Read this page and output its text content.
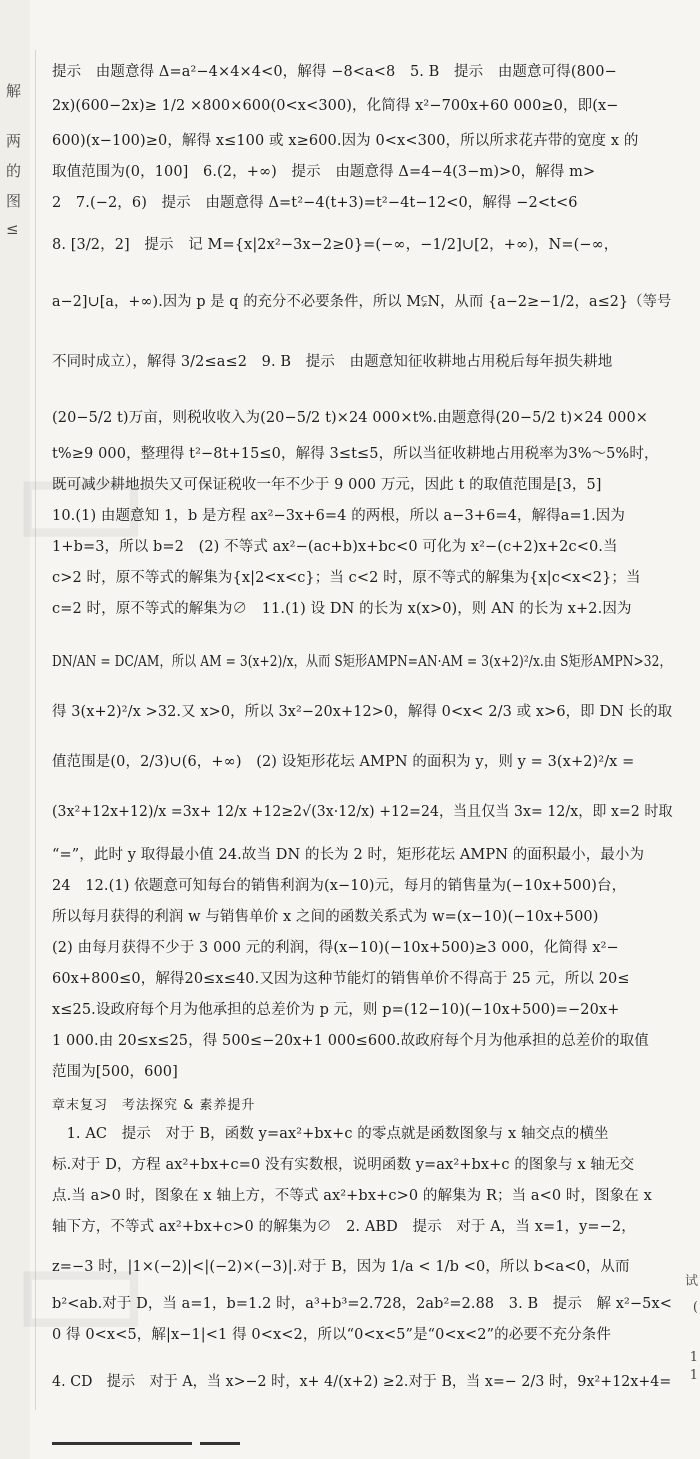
解
两
的
图
≤
试
(
1
1
▭
▭
提示　由题意得 Δ=a²−4×4×4<0，解得 −8<a<8　5. B　提示　由题意可得(800−
2x)(600−2x)≥ 1/2 ×800×600(0<x<300)，化简得 x²−700x+60 000≥0，即(x−
600)(x−100)≥0，解得 x≤100 或 x≥600.因为 0<x<300，所以所求花卉带的宽度 x 的
取值范围为(0，100]　6.(2，+∞)　提示　由题意得 Δ=4−4(3−m)>0，解得 m>
2　7.(−2，6)　提示　由题意得 Δ=t²−4(t+3)=t²−4t−12<0，解得 −2<t<6
8. [3/2，2]　提示　记 M={x|2x²−3x−2≥0}=(−∞，−1/2]∪[2，+∞)，N=(−∞，
a−2]∪[a，+∞).因为 p 是 q 的充分不必要条件，所以 M⫋N，从而 {a−2≥−1/2，a≤2}（等号
不同时成立），解得 3/2≤a≤2　9. B　提示　由题意知征收耕地占用税后每年损失耕地
(20−5/2 t)万亩，则税收收入为(20−5/2 t)×24 000×t%.由题意得(20−5/2 t)×24 000×
t%≥9 000，整理得 t²−8t+15≤0，解得 3≤t≤5，所以当征收耕地占用税率为3%～5%时，
既可减少耕地损失又可保证税收一年不少于 9 000 万元，因此 t 的取值范围是[3，5]
10.(1) 由题意知 1，b 是方程 ax²−3x+6=4 的两根，所以 a−3+6=4，解得a=1.因为
1+b=3，所以 b=2　(2) 不等式 ax²−(ac+b)x+bc<0 可化为 x²−(c+2)x+2c<0.当
c>2 时，原不等式的解集为{x|2<x<c}；当 c<2 时，原不等式的解集为{x|c<x<2}；当
c=2 时，原不等式的解集为∅　11.(1) 设 DN 的长为 x(x>0)，则 AN 的长为 x+2.因为
DN/AN = DC/AM，所以 AM = 3(x+2)/x，从而 S矩形AMPN=AN·AM = 3(x+2)²/x.由 S矩形AMPN>32，
得 3(x+2)²/x >32.又 x>0，所以 3x²−20x+12>0，解得 0<x< 2/3 或 x>6，即 DN 长的取
值范围是(0，2/3)∪(6，+∞)　(2) 设矩形花坛 AMPN 的面积为 y，则 y = 3(x+2)²/x =
(3x²+12x+12)/x =3x+ 12/x +12≥2√(3x·12/x) +12=24，当且仅当 3x= 12/x，即 x=2 时取
“=”，此时 y 取得最小值 24.故当 DN 的长为 2 时，矩形花坛 AMPN 的面积最小，最小为
24　12.(1) 依题意可知每台的销售利润为(x−10)元，每月的销售量为(−10x+500)台，
所以每月获得的利润 w 与销售单价 x 之间的函数关系式为 w=(x−10)(−10x+500)
(2) 由每月获得不少于 3 000 元的利润，得(x−10)(−10x+500)≥3 000，化简得 x²−
60x+800≤0，解得20≤x≤40.又因为这种节能灯的销售单价不得高于 25 元，所以 20≤
x≤25.设政府每个月为他承担的总差价为 p 元，则 p=(12−10)(−10x+500)=−20x+
1 000.由 20≤x≤25，得 500≤−20x+1 000≤600.故政府每个月为他承担的总差价的取值
范围为[500，600]
章末复习　考法探究 & 素养提升
　1. AC　提示　对于 B，函数 y=ax²+bx+c 的零点就是函数图象与 x 轴交点的横坐
标.对于 D，方程 ax²+bx+c=0 没有实数根，说明函数 y=ax²+bx+c 的图象与 x 轴无交
点.当 a>0 时，图象在 x 轴上方，不等式 ax²+bx+c>0 的解集为 R；当 a<0 时，图象在 x
轴下方，不等式 ax²+bx+c>0 的解集为∅　2. ABD　提示　对于 A，当 x=1，y=−2，
z=−3 时，|1×(−2)|<|(−2)×(−3)|.对于 B，因为 1/a < 1/b <0，所以 b<a<0，从而
b²<ab.对于 D，当 a=1，b=1.2 时，a³+b³=2.728，2ab²=2.88　3. B　提示　解 x²−5x<
0 得 0<x<5，解|x−1|<1 得 0<x<2，所以“0<x<5”是“0<x<2”的必要不充分条件
4. CD　提示　对于 A，当 x>−2 时，x+ 4/(x+2) ≥2.对于 B，当 x=− 2/3 时，9x²+12x+4=
